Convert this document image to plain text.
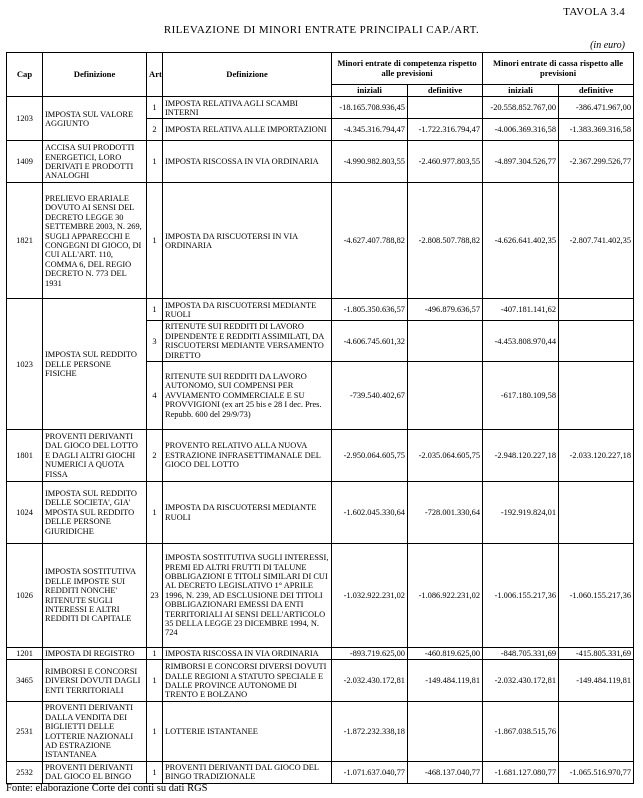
TAVOLA 3.4
RILEVAZIONE DI MINORI ENTRATE PRINCIPALI CAP./ART.
(in euro)
Cap	Definizione	Art	Definizione	Minori entrate di competenza rispetto alle previsioni		Minori entrate di cassa rispetto alle previsioni	
				iniziali	definitive	iniziali	definitive
1203	IMPOSTA SUL VALORE AGGIUNTO	1	IMPOSTA RELATIVA AGLI SCAMBI INTERNI	-18.165.708.936,45		-20.558.852.767,00	-386.471.967,00
		2	IMPOSTA RELATIVA ALLE IMPORTAZIONI	-4.345.316.794,47	-1.722.316.794,47	-4.006.369.316,58	-1.383.369.316,58
1409	ACCISA SUI PRODOTTI ENERGETICI, LORO DERIVATI E PRODOTTI ANALOGHI	1	IMPOSTA RISCOSSA IN VIA ORDINARIA	-4.990.982.803,55	-2.460.977.803,55	-4.897.304.526,77	-2.367.299.526,77
1821	PRELIEVO ERARIALE DOVUTO AI SENSI DEL DECRETO LEGGE 30 SETTEMBRE 2003, N. 269, SUGLI APPARECCHI E CONGEGNI DI GIOCO, DI CUI ALL'ART. 110, COMMA 6, DEL REGIO DECRETO N. 773 DEL 1931	1	IMPOSTA DA RISCUOTERSI IN VIA ORDINARIA	-4.627.407.788,82	-2.808.507.788,82	-4.626.641.402,35	-2.807.741.402,35
1023	IMPOSTA SUL REDDITO DELLE PERSONE FISICHE	1	IMPOSTA DA RISCUOTERSI MEDIANTE RUOLI	-1.805.350.636,57	-496.879.636,57	-407.181.141,62	
		3	RITENUTE SUI REDDITI DI LAVORO DIPENDENTE E REDDITI ASSIMILATI, DA RISCUOTERSI MEDIANTE VERSAMENTO DIRETTO	-4.606.745.601,32		-4.453.808.970,44	
		4	RITENUTE SUI REDDITI DA LAVORO AUTONOMO, SUI COMPENSI PER AVVIAMENTO COMMERCIALE E SU PROVVIGIONI (ex art 25 bis e 28 I dec. Pres. Repubb. 600 del 29/9/73)	-739.540.402,67		-617.180.109,58	
1801	PROVENTI DERIVANTI DAL GIOCO DEL LOTTO E DAGLI ALTRI GIOCHI NUMERICI A QUOTA FISSA	2	PROVENTO RELATIVO ALLA NUOVA ESTRAZIONE INFRASETTIMANALE DEL GIOCO DEL LOTTO	-2.950.064.605,75	-2.035.064.605,75	-2.948.120.227,18	-2.033.120.227,18
1024	IMPOSTA SUL REDDITO DELLE SOCIETA', GIA' MPOSTA SUL REDDITO DELLE PERSONE GIURIDICHE	1	IMPOSTA DA RISCUOTERSI MEDIANTE RUOLI	-1.602.045.330,64	-728.001.330,64	-192.919.824,01	
1026	IMPOSTA SOSTITUTIVA DELLE IMPOSTE SUI REDDITI NONCHE' RITENUTE SUGLI INTERESSI E ALTRI REDDITI DI CAPITALE	23	IMPOSTA SOSTITUTIVA SUGLI INTERESSI, PREMI ED ALTRI FRUTTI DI TALUNE OBBLIGAZIONI E TITOLI SIMILARI DI CUI AL DECRETO LEGISLATIVO 1° APRILE 1996, N. 239, AD ESCLUSIONE DEI TITOLI OBBLIGAZIONARI EMESSI DA ENTI TERRITORIALI AI SENSI DELL'ARTICOLO 35 DELLA LEGGE 23 DICEMBRE 1994, N. 724	-1.032.922.231,02	-1.086.922.231,02	-1.006.155.217,36	-1.060.155.217,36
1201	IMPOSTA DI REGISTRO	1	IMPOSTA RISCOSSA IN VIA ORDINARIA	-893.719.625,00	-460.819.625,00	-848.705.331,69	-415.805.331,69
3465	RIMBORSI E CONCORSI DIVERSI DOVUTI DAGLI ENTI TERRITORIALI	1	RIMBORSI E CONCORSI DIVERSI DOVUTI DALLE REGIONI A STATUTO SPECIALE E DALLE PROVINCE AUTONOME DI TRENTO E BOLZANO	-2.032.430.172,81	-149.484.119,81	-2.032.430.172,81	-149.484.119,81
2531	PROVENTI DERIVANTI DALLA VENDITA DEI BIGLIETTI DELLE LOTTERIE NAZIONALI AD ESTRAZIONE ISTANTANEA	1	LOTTERIE ISTANTANEE	-1.872.232.338,18		-1.867.038.515,76	
2532	PROVENTI DERIVANTI DAL GIOCO EL BINGO	1	PROVENTI DERIVANTI DAL GIOCO DEL BINGO TRADIZIONALE	-1.071.637.040,77	-468.137.040,77	-1.681.127.080,77	-1.065.516.970,77
Fonte: elaborazione Corte dei conti su dati RGS
